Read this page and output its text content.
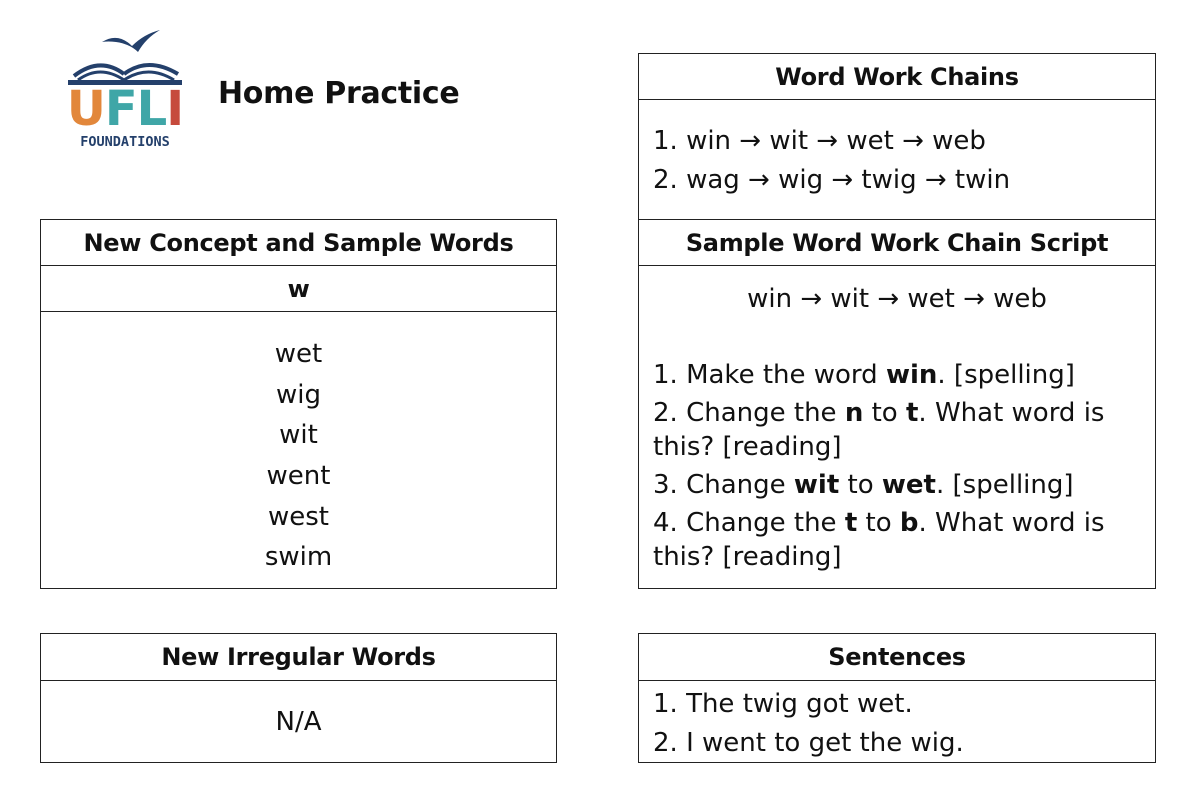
UFLI
FOUNDATIONS
Home Practice
New Concept and Sample Words
w
wet
wig
wit
went
west
swim
Word Work Chains
1. win → wit → wet → web
2. wag → wig → twig → twin
Sample Word Work Chain Script
win → wit → wet → web
1. Make the word win. [spelling]
2. Change the n to t. What word is this? [reading]
3. Change wit to wet. [spelling]
4. Change the t to b. What word is this? [reading]
New Irregular Words
N/A
Sentences
1. The twig got wet.
2. I went to get the wig.
